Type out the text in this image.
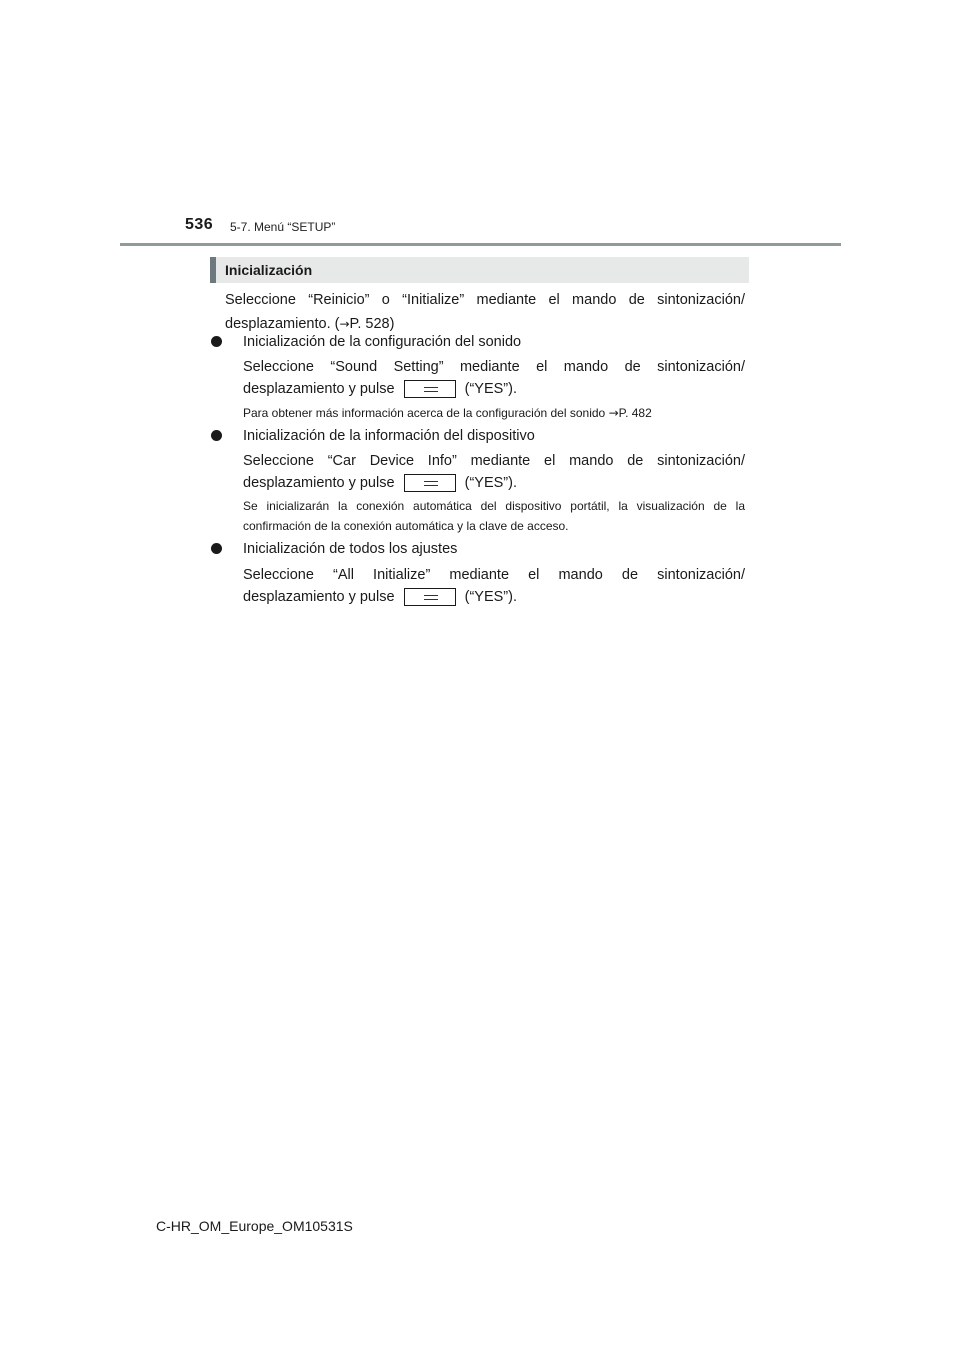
536 5-7. Menú “SETUP”
Inicialización
Seleccione “Reinicio” o “Initialize” mediante el mando de sintonización/
desplazamiento. (→P. 528)
Inicialización de la configuración del sonido
Seleccione “Sound Setting” mediante el mando de sintonización/
desplazamiento y pulse	(“YES”).
Para obtener más información acerca de la configuración del sonido →P. 482
Inicialización de la información del dispositivo
Seleccione “Car Device Info” mediante el mando de sintonización/
desplazamiento y pulse	(“YES”).
Se inicializarán la conexión automática del dispositivo portátil, la visualización de la
confirmación de la conexión automática y la clave de acceso.
Inicialización de todos los ajustes
Seleccione “All Initialize” mediante el mando de sintonización/
desplazamiento y pulse	(“YES”).
C-HR_OM_Europe_OM10531S
